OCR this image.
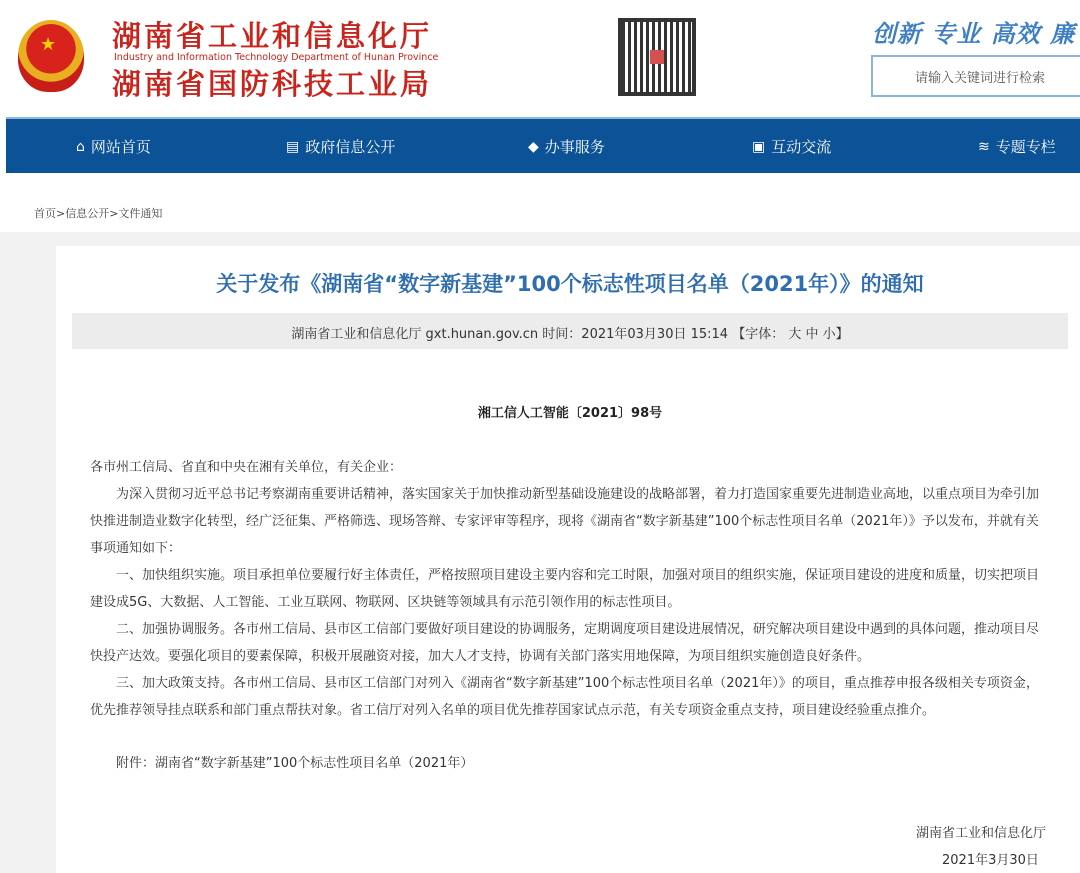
★ 湖南省工业和信息化厅
Industry and Information Technology Department of Hunan Province
湖南省国防科技工业局
创新 专业 高效 廉
请输入关键词进行检索
⌂ 网站首页	▤ 政府信息公开	◆ 办事服务	▣ 互动交流	≋ 专题专栏
首页>信息公开>文件通知
关于发布《湖南省“数字新基建”100个标志性项目名单（2021年）》的通知
湖南省工业和信息化厅 gxt.hunan.gov.cn 时间：2021年03月30日 15:14 【字体： 大 中 小】
湘工信人工智能〔2021〕98号

各市州工信局、省直和中央在湘有关单位，有关企业：

为深入贯彻习近平总书记考察湖南重要讲话精神，落实国家关于加快推动新型基础设施建设的战略部署，着力打造国家重要先进制造业高地，以重点项目为牵引加快推进制造业数字化转型，经广泛征集、严格筛选、现场答辩、专家评审等程序，现将《湖南省“数字新基建”100个标志性项目名单（2021年）》予以发布，并就有关事项通知如下：

一、加快组织实施。项目承担单位要履行好主体责任，严格按照项目建设主要内容和完工时限，加强对项目的组织实施，保证项目建设的进度和质量，切实把项目建设成5G、大数据、人工智能、工业互联网、物联网、区块链等领域具有示范引领作用的标志性项目。

二、加强协调服务。各市州工信局、县市区工信部门要做好项目建设的协调服务，定期调度项目建设进展情况，研究解决项目建设中遇到的具体问题，推动项目尽快投产达效。要强化项目的要素保障，积极开展融资对接，加大人才支持，协调有关部门落实用地保障，为项目组织实施创造良好条件。

三、加大政策支持。各市州工信局、县市区工信部门对列入《湖南省“数字新基建”100个标志性项目名单（2021年）》的项目，重点推荐申报各级相关专项资金，优先推荐领导挂点联系和部门重点帮扶对象。省工信厅对列入名单的项目优先推荐国家试点示范，有关专项资金重点支持，项目建设经验重点推介。

附件：湖南省“数字新基建”100个标志性项目名单（2021年）

湖南省工业和信息化厅
2021年3月30日
